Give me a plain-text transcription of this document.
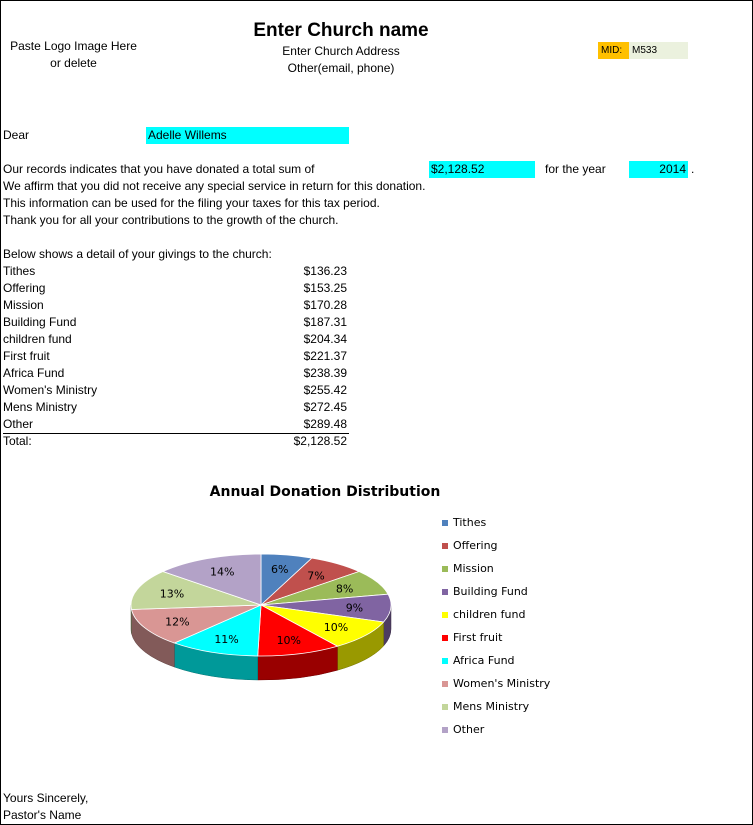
Paste Logo Image Here
or delete
Enter Church name
Enter Church Address
Other(email, phone)
MID: M533
Dear	Adelle Willems
Our records indicates that you have donated a total sum of	$2,128.52	for the year	2014 .
We affirm that you did not receive any special service in return for this donation.
This information can be used for the filing your taxes for this tax period.
Thank you for all your contributions to the growth of the church.
Below shows a detail of your givings to the church:
Tithes	$136.23
Offering	$153.25
Mission	$170.28
Building Fund	$187.31
children fund	$204.34
First fruit	$221.37
Africa Fund	$238.39
Women's Ministry	$255.42
Mens Ministry	$272.45
Other	$289.48
Total:	$2,128.52
Annual Donation Distribution
6% 7%
8%
9%
10%
10%
11%
12%
13%
14%
Tithes
Offering
Mission
Building Fund
children fund
First fruit
Africa Fund
Women's Ministry
Mens Ministry
Other
Yours Sincerely,
Pastor's Name
